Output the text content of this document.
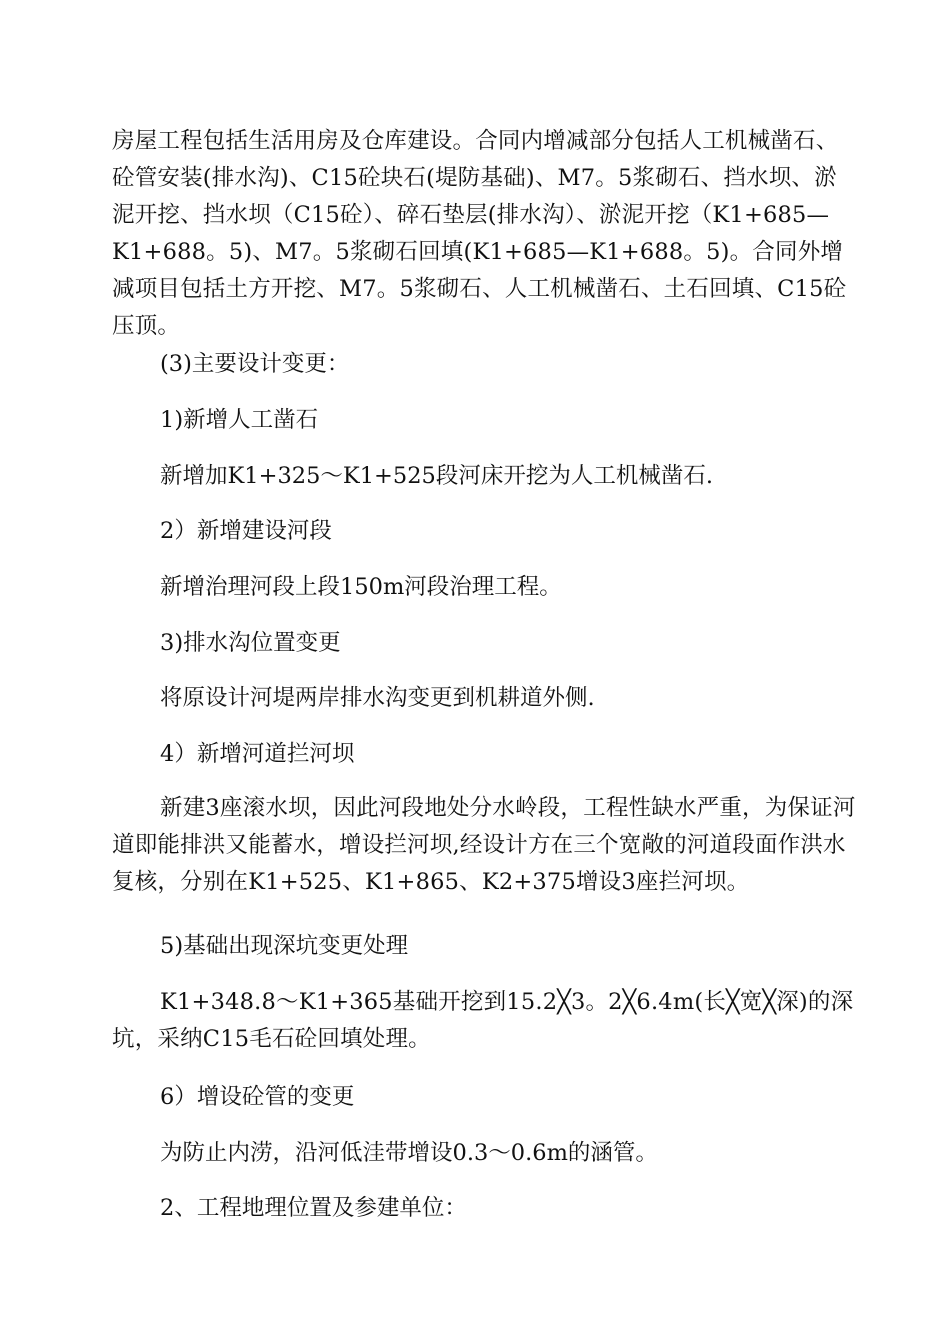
房屋工程包括生活用房及仓库建设。合同内增减部分包括人工机械凿石、砼管安装(排水沟)、C15砼块石(堤防基础)、M7。5浆砌石、挡水坝、淤泥开挖、挡水坝（C15砼）、碎石垫层(排水沟）、淤泥开挖（K1+685—K1+688。5)、M7。5浆砌石回填(K1+685—K1+688。5)。合同外增减项目包括土方开挖、M7。5浆砌石、人工机械凿石、土石回填、C15砼压顶。

(3)主要设计变更：

1)新增人工凿石

新增加K1+325～K1+525段河床开挖为人工机械凿石.

2）新增建设河段

新增治理河段上段150m河段治理工程。

3)排水沟位置变更

将原设计河堤两岸排水沟变更到机耕道外侧.

4）新增河道拦河坝

新建3座滚水坝，因此河段地处分水岭段，工程性缺水严重，为保证河道即能排洪又能蓄水，增设拦河坝,经设计方在三个宽敞的河道段面作洪水复核，分别在K1+525、K1+865、K2+375增设3座拦河坝。

5)基础出现深坑变更处理

K1+348.8～K1+365基础开挖到15.2╳3。2╳6.4m(长╳宽╳深)的深坑，采纳C15毛石砼回填处理。

6）增设砼管的变更

为防止内涝，沿河低洼带增设0.3～0.6m的涵管。

2、工程地理位置及参建单位：
